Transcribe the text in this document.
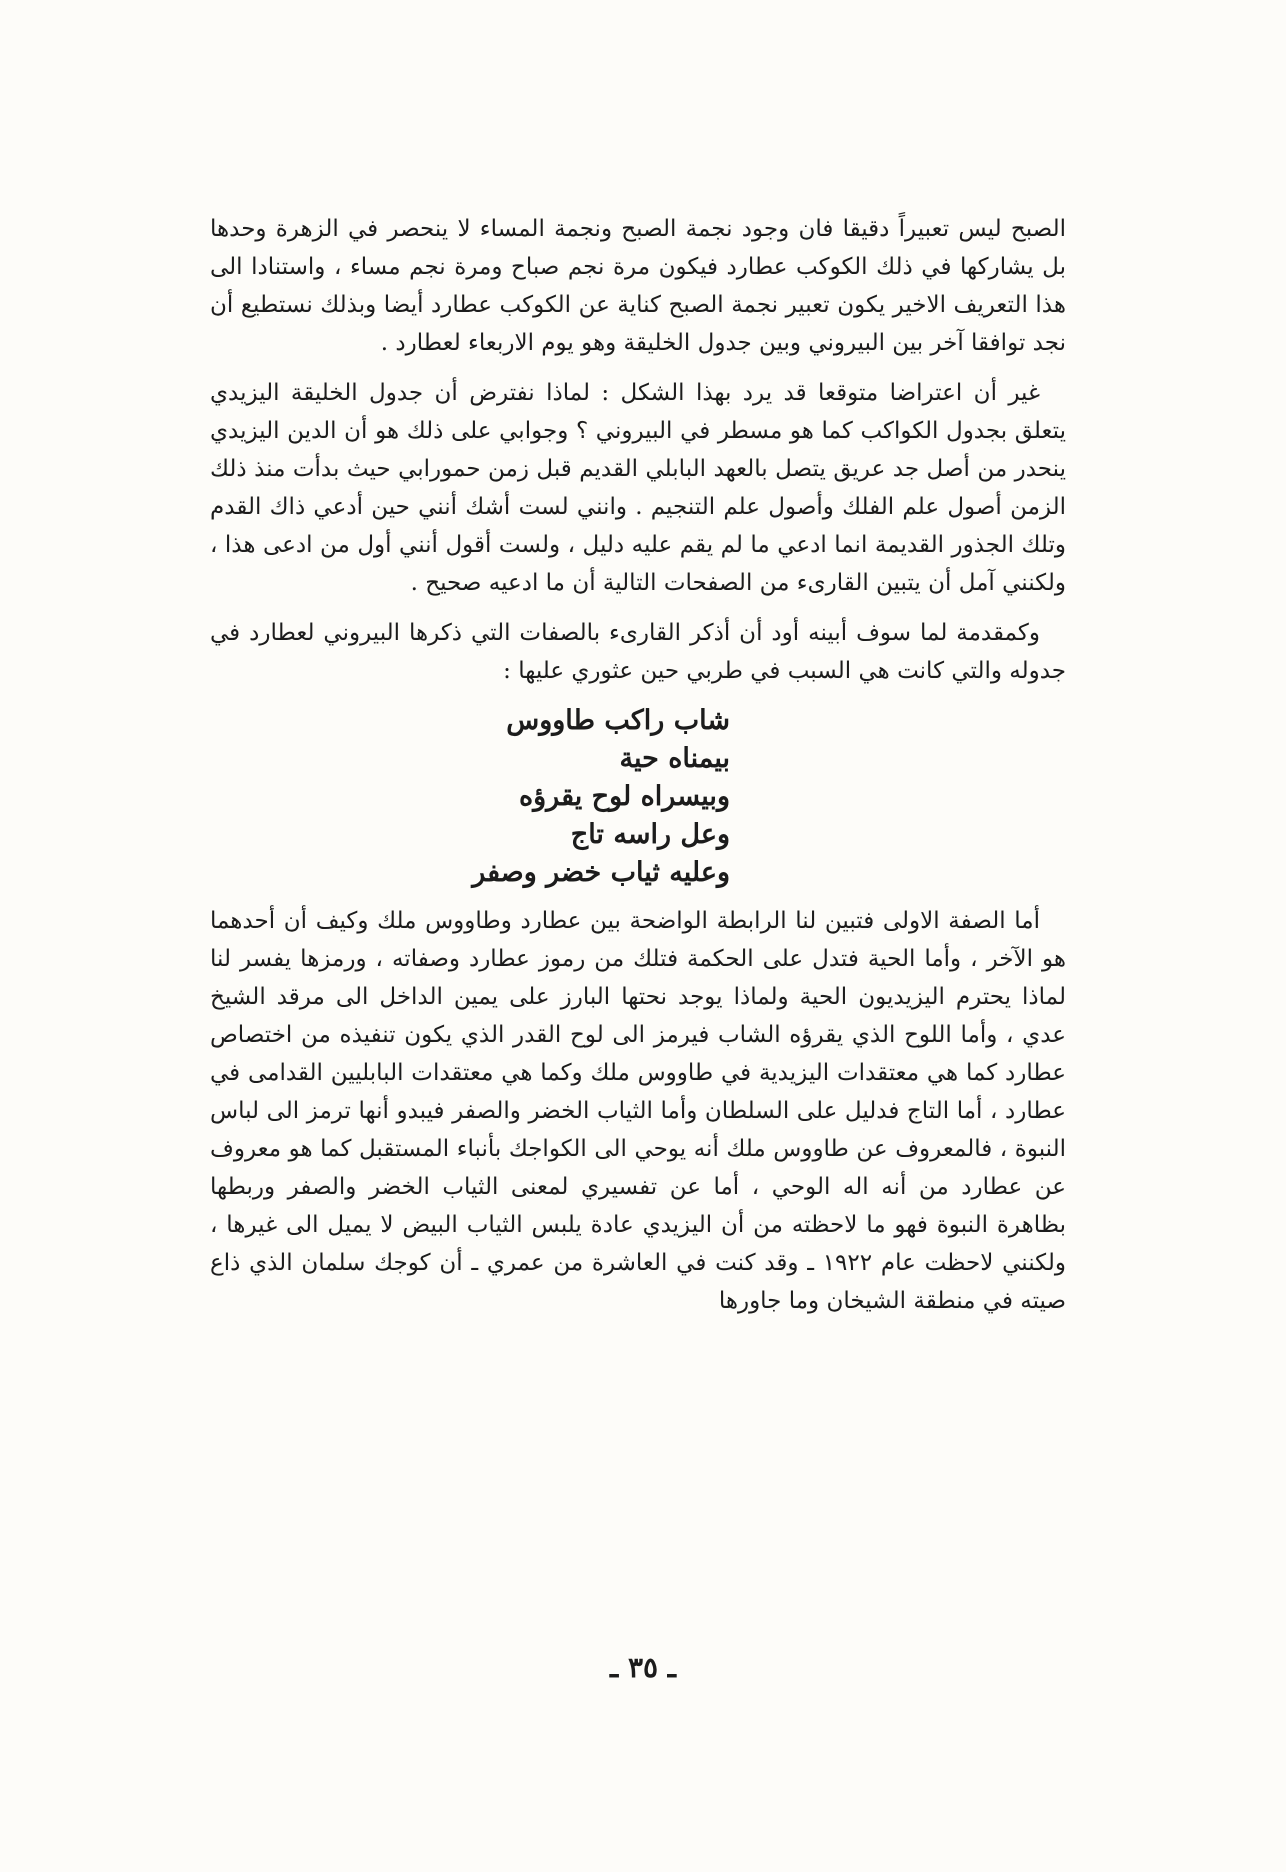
الصبح ليس تعبيراً دقيقا فان وجود نجمة الصبح ونجمة المساء لا ينحصر في الزهرة وحدها بل يشاركها في ذلك الكوكب عطارد فيكون مرة نجم صباح ومرة نجم مساء ، واستنادا الى هذا التعريف الاخير يكون تعبير نجمة الصبح كناية عن الكوكب عطارد أيضا وبذلك نستطيع أن نجد توافقا آخر بين البيروني وبين جدول الخليقة وهو يوم الاربعاء لعطارد .

غير أن اعتراضا متوقعا قد يرد بهذا الشكل : لماذا نفترض أن جدول الخليقة اليزيدي يتعلق بجدول الكواكب كما هو مسطر في البيروني ؟ وجوابي على ذلك هو أن الدين اليزيدي ينحدر من أصل جد عريق يتصل بالعهد البابلي القديم قبل زمن حمورابي حيث بدأت منذ ذلك الزمن أصول علم الفلك وأصول علم التنجيم . وانني لست أشك أنني حين أدعي ذاك القدم وتلك الجذور القديمة انما ادعي ما لم يقم عليه دليل ، ولست أقول أنني أول من ادعى هذا ، ولكنني آمل أن يتبين القارىء من الصفحات التالية أن ما ادعيه صحيح .

وكمقدمة لما سوف أبينه أود أن أذكر القارىء بالصفات التي ذكرها البيروني لعطارد في جدوله والتي كانت هي السبب في طربي حين عثوري عليها :

شاب راكب طاووس
بيمناه حية
وبيسراه لوح يقرؤه
وعل راسه تاج
وعليه ثياب خضر وصفر

أما الصفة الاولى فتبين لنا الرابطة الواضحة بين عطارد وطاووس ملك وكيف أن أحدهما هو الآخر ، وأما الحية فتدل على الحكمة فتلك من رموز عطارد وصفاته ، ورمزها يفسر لنا لماذا يحترم اليزيديون الحية ولماذا يوجد نحتها البارز على يمين الداخل الى مرقد الشيخ عدي ، وأما اللوح الذي يقرؤه الشاب فيرمز الى لوح القدر الذي يكون تنفيذه من اختصاص عطارد كما هي معتقدات اليزيدية في طاووس ملك وكما هي معتقدات البابليين القدامى في عطارد ، أما التاج فدليل على السلطان وأما الثياب الخضر والصفر فيبدو أنها ترمز الى لباس النبوة ، فالمعروف عن طاووس ملك أنه يوحي الى الكواجك بأنباء المستقبل كما هو معروف عن عطارد من أنه اله الوحي ، أما عن تفسيري لمعنى الثياب الخضر والصفر وربطها بظاهرة النبوة فهو ما لاحظته من أن اليزيدي عادة يلبس الثياب البيض لا يميل الى غيرها ، ولكنني لاحظت عام ١٩٢٢ ـ وقد كنت في العاشرة من عمري ـ أن كوجك سلمان الذي ذاع صيته في منطقة الشيخان وما جاورها

ـ ٣٥ ـ
